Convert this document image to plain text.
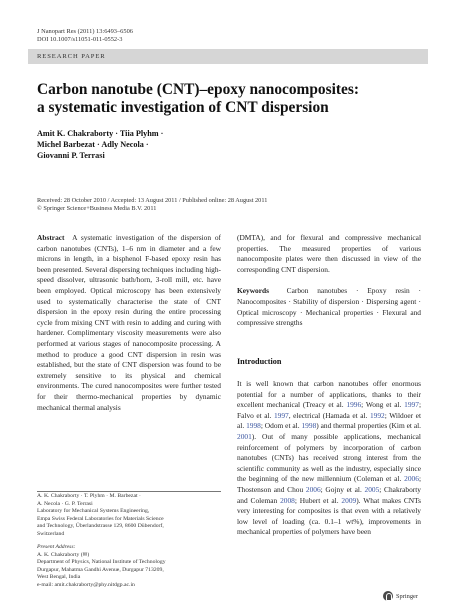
J Nanopart Res (2011) 13:6493–6506
DOI 10.1007/s11051-011-0552-3
RESEARCH PAPER
Carbon nanotube (CNT)–epoxy nanocomposites:
a systematic investigation of CNT dispersion
Amit K. Chakraborty · Tiia Plyhm ·
Michel Barbezat · Adly Necola ·
Giovanni P. Terrasi
Received: 28 October 2010 / Accepted: 13 August 2011 / Published online: 28 August 2011
© Springer Science+Business Media B.V. 2011
Abstract A systematic investigation of the dispersion of carbon nanotubes (CNTs), 1–6 nm in diameter and a few microns in length, in a bisphenol F-based epoxy resin has been presented. Several dispersing techniques including high-speed dissolver, ultrasonic bath/horn, 3-roll mill, etc. have been employed. Optical microscopy has been extensively used to systematically characterise the state of CNT dispersion in the epoxy resin during the entire processing cycle from mixing CNT with resin to adding and curing with hardener. Complimentary viscosity measurements were also performed at various stages of nanocomposite processing. A method to produce a good CNT dispersion in resin was established, but the state of CNT dispersion was found to be extremely sensitive to its physical and chemical environments. The cured nanocomposites were further tested for their thermo-mechanical properties by dynamic mechanical thermal analysis
(DMTA), and for flexural and compressive mechanical properties. The measured properties of various nanocomposite plates were then discussed in view of the corresponding CNT dispersion.
Keywords Carbon nanotubes · Epoxy resin · Nanocomposites · Stability of dispersion · Dispersing agent · Optical microscopy · Mechanical properties · Flexural and compressive strengths
Introduction
It is well known that carbon nanotubes offer enormous potential for a number of applications, thanks to their excellent mechanical (Treacy et al. 1996; Wong et al. 1997; Falvo et al. 1997, electrical (Hamada et al. 1992; Wildoer et al. 1998; Odom et al. 1998) and thermal properties (Kim et al. 2001). Out of many possible applications, mechanical reinforcement of polymers by incorporation of carbon nanotubes (CNTs) has received strong interest from the scientific community as well as the industry, especially since the beginning of the new millennium (Coleman et al. 2006; Thostenson and Chou 2006; Gojny et al. 2005; Chakraborty and Coleman 2008; Hubert et al. 2009). What makes CNTs very interesting for composites is that even with a relatively low level of loading (ca. 0.1–1 wt%), improvements in mechanical properties of polymers have been
A. K. Chakraborty · T. Plyhm · M. Barbezat ·
A. Necola · G. P. Terrasi
Laboratory for Mechanical Systems Engineering,
Empa Swiss Federal Laboratories for Materials Science
and Technology, Überlandstrasse 129, 8600 Dübendorf,
Switzerland
Present Address:
A. K. Chakraborty (✉)
Department of Physics, National Institute of Technology
Durgapur, Mahatma Gandhi Avenue, Durgapur 713209,
West Bengal, India
e-mail: amit.chakraborty@phy.nitdgp.ac.in
Springer
